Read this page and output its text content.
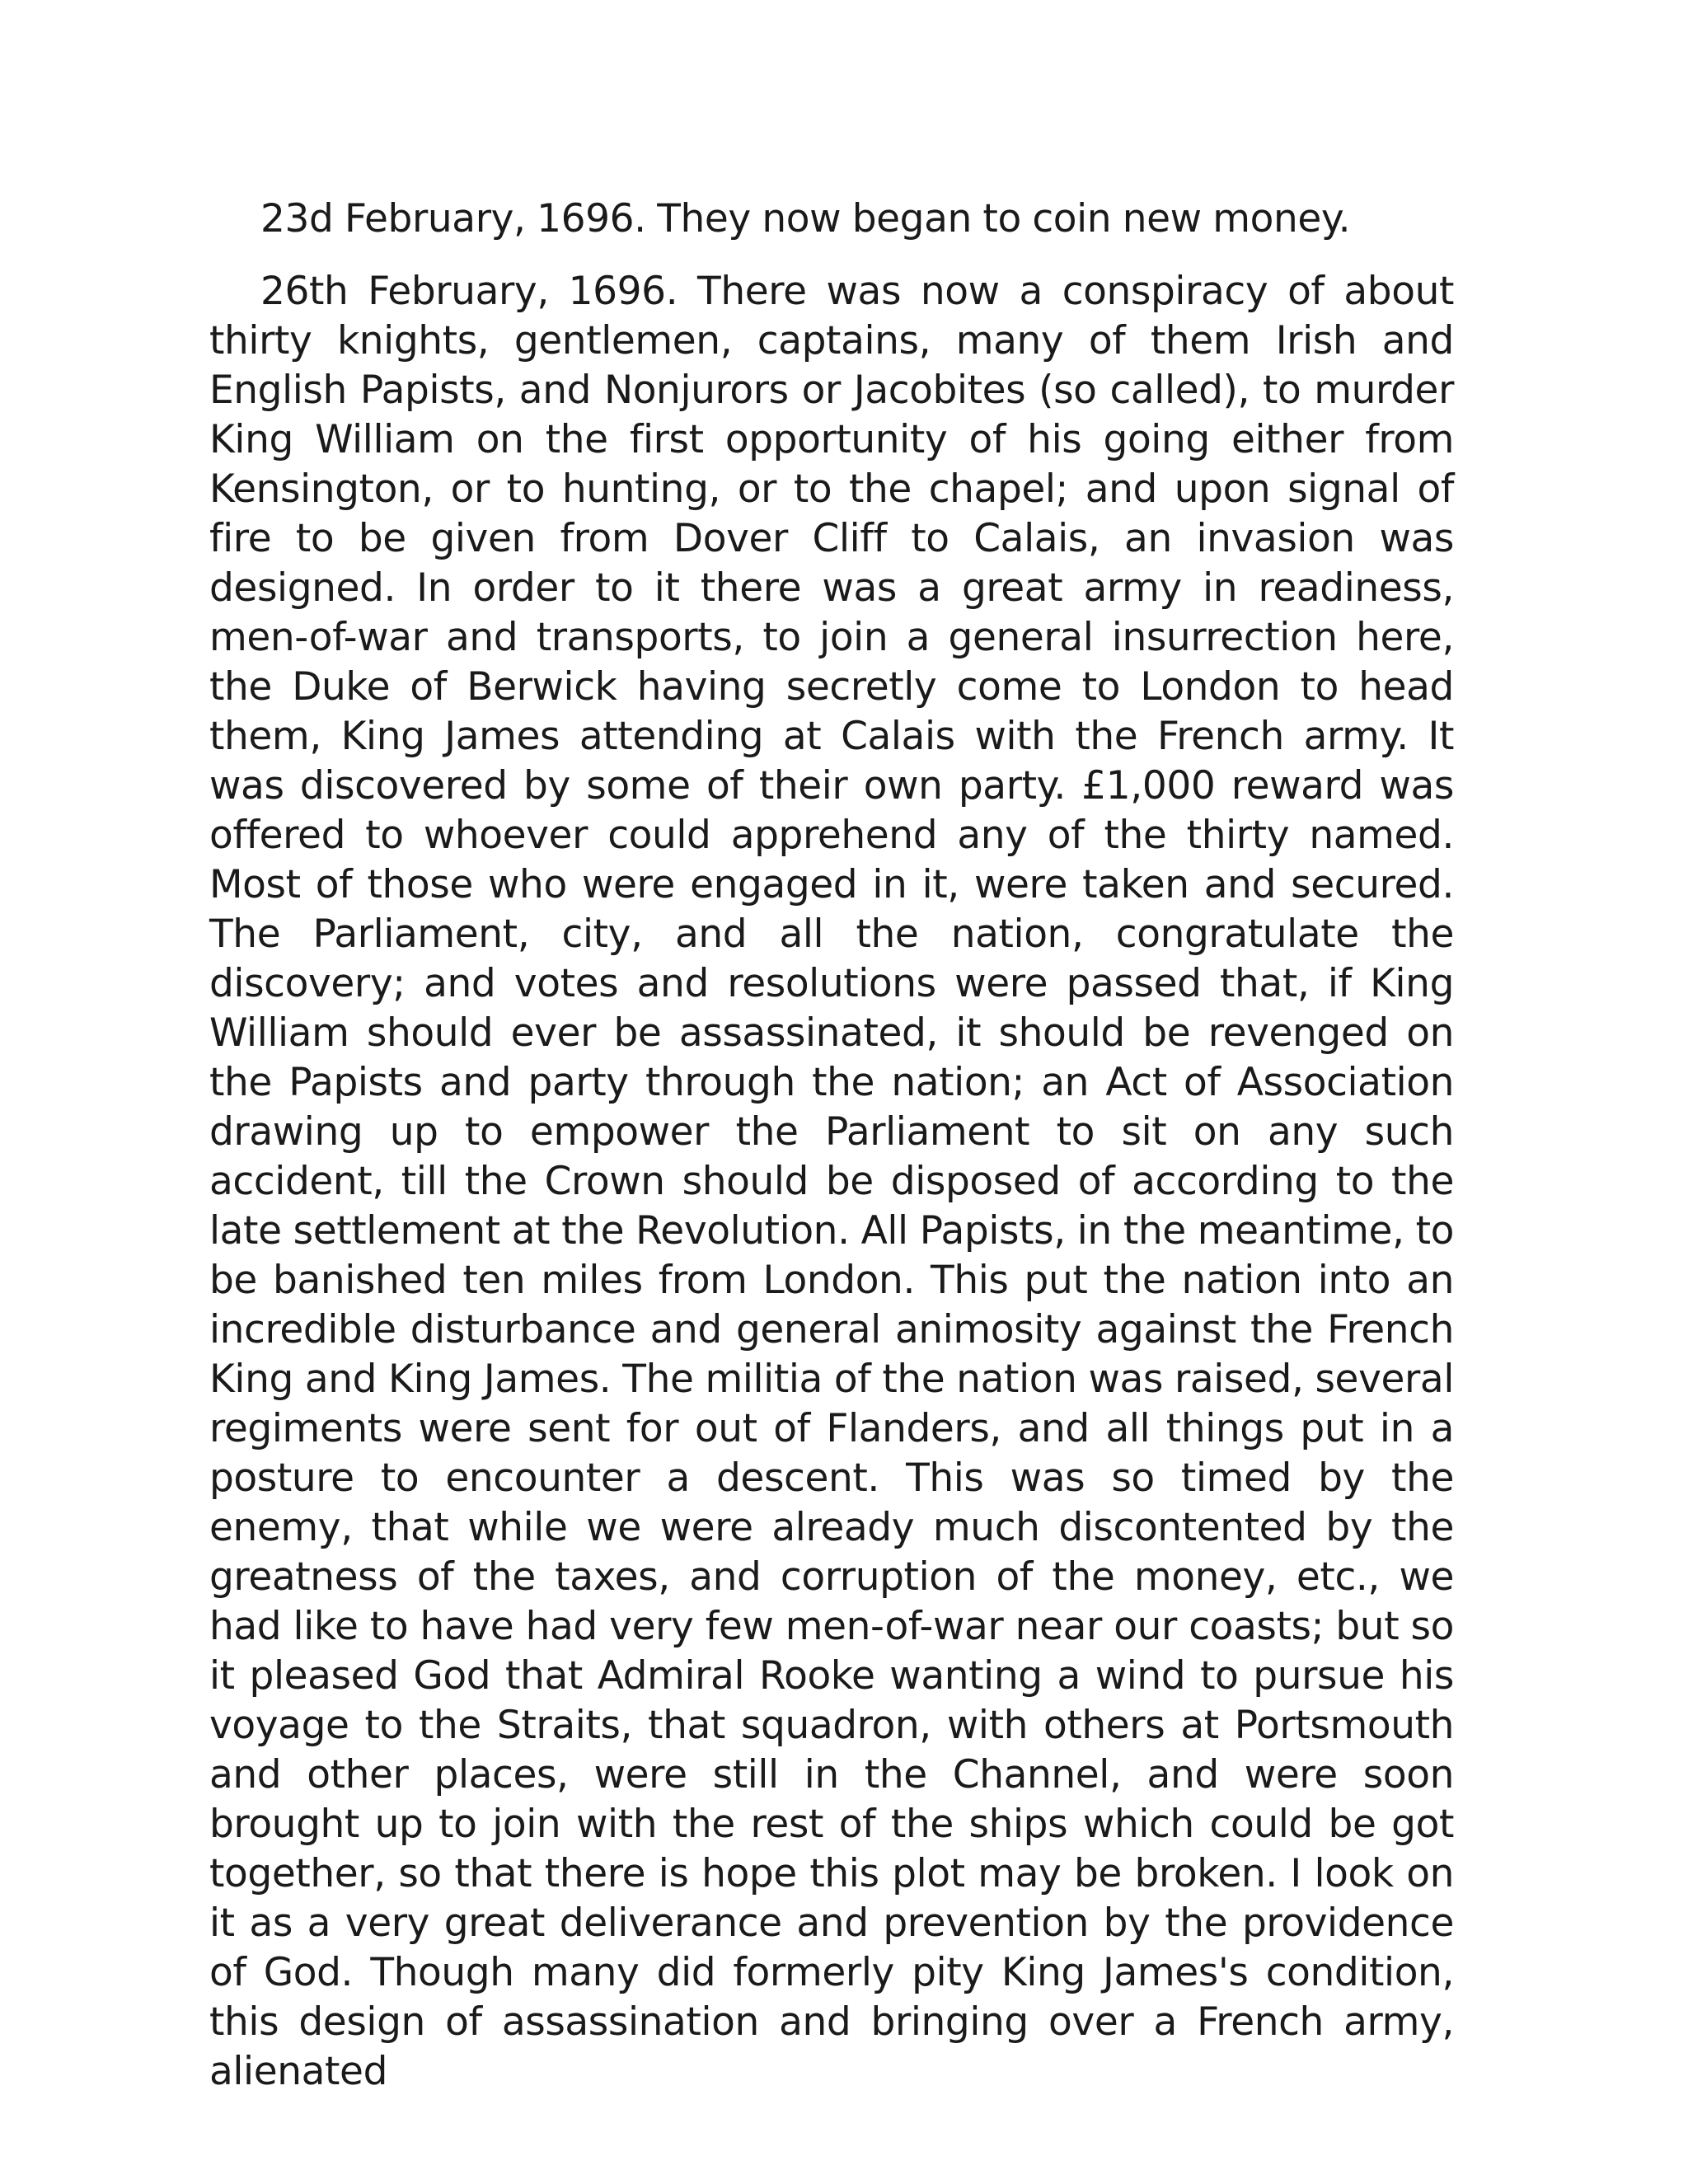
23d February, 1696. They now began to coin new money.

26th February, 1696. There was now a conspiracy of about thirty knights, gentlemen, captains, many of them Irish and English Papists, and Nonjurors or Jacobites (so called), to murder King William on the first opportunity of his going either from Kensington, or to hunting, or to the chapel; and upon signal of fire to be given from Dover Cliff to Calais, an invasion was designed. In order to it there was a great army in readiness, men-of-war and transports, to join a general insurrection here, the Duke of Berwick having secretly come to London to head them, King James attending at Calais with the French army. It was discovered by some of their own party. £1,000 reward was offered to whoever could apprehend any of the thirty named. Most of those who were engaged in it, were taken and secured. The Parliament, city, and all the nation, congratulate the discovery; and votes and resolutions were passed that, if King William should ever be assassinated, it should be revenged on the Papists and party through the nation; an Act of Association drawing up to empower the Parliament to sit on any such accident, till the Crown should be disposed of according to the late settlement at the Revolution. All Papists, in the meantime, to be banished ten miles from London. This put the nation into an incredible disturbance and general animosity against the French King and King James. The militia of the nation was raised, several regiments were sent for out of Flanders, and all things put in a posture to encounter a descent. This was so timed by the enemy, that while we were already much discontented by the greatness of the taxes, and corruption of the money, etc., we had like to have had very few men-of-war near our coasts; but so it pleased God that Admiral Rooke wanting a wind to pursue his voyage to the Straits, that squadron, with others at Portsmouth and other places, were still in the Channel, and were soon brought up to join with the rest of the ships which could be got together, so that there is hope this plot may be broken. I look on it as a very great deliverance and prevention by the providence of God. Though many did formerly pity King James's condition, this design of assassination and bringing over a French army, alienated
